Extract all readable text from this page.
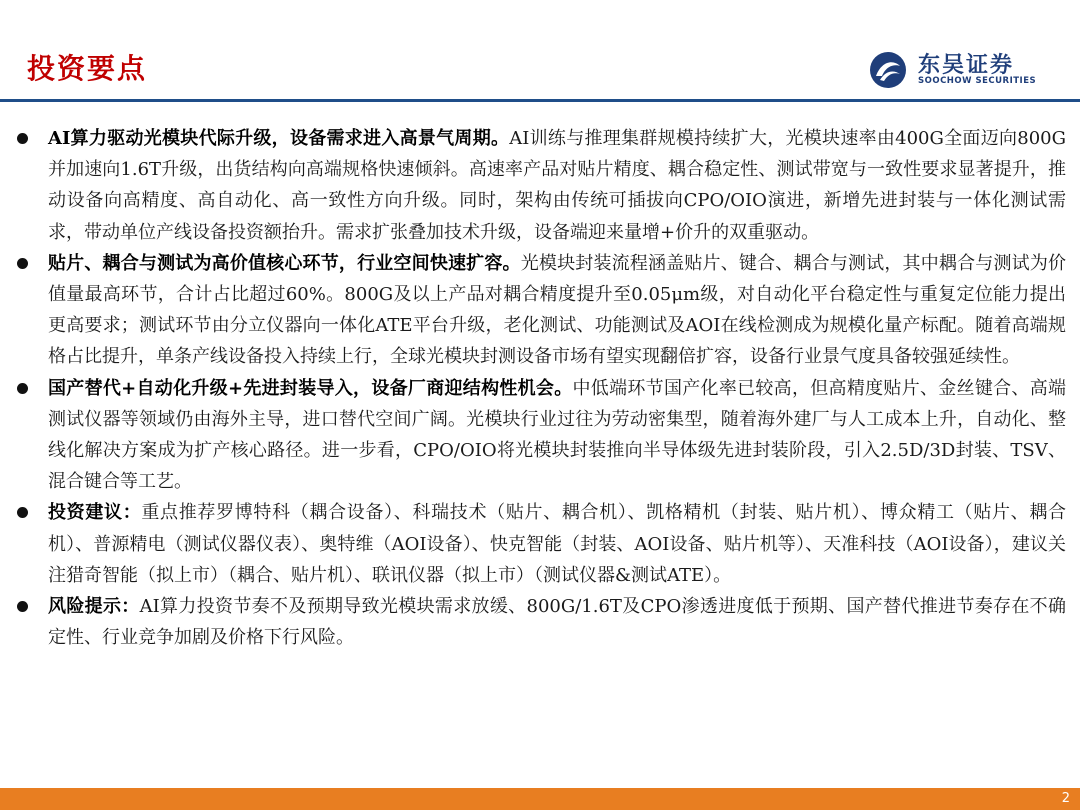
投资要点	东吴证券
SOOCHOW SECURITIES
AI算力驱动光模块代际升级，设备需求进入高景气周期。AI训练与推理集群规模持续扩大，光模块速率由400G全面迈向800G并加速向1.6T升级，出货结构向高端规格快速倾斜。高速率产品对贴片精度、耦合稳定性、测试带宽与一致性要求显著提升，推动设备向高精度、高自动化、高一致性方向升级。同时，架构由传统可插拔向CPO/OIO演进，新增先进封装与一体化测试需求，带动单位产线设备投资额抬升。需求扩张叠加技术升级，设备端迎来量增+价升的双重驱动。
贴片、耦合与测试为高价值核心环节，行业空间快速扩容。光模块封装流程涵盖贴片、键合、耦合与测试，其中耦合与测试为价值量最高环节，合计占比超过60%。800G及以上产品对耦合精度提升至0.05μm级，对自动化平台稳定性与重复定位能力提出更高要求；测试环节由分立仪器向一体化ATE平台升级，老化测试、功能测试及AOI在线检测成为规模化量产标配。随着高端规格占比提升，单条产线设备投入持续上行，全球光模块封测设备市场有望实现翻倍扩容，设备行业景气度具备较强延续性。
国产替代+自动化升级+先进封装导入，设备厂商迎结构性机会。中低端环节国产化率已较高，但高精度贴片、金丝键合、高端测试仪器等领域仍由海外主导，进口替代空间广阔。光模块行业过往为劳动密集型，随着海外建厂与人工成本上升，自动化、整线化解决方案成为扩产核心路径。进一步看，CPO/OIO将光模块封装推向半导体级先进封装阶段，引入2.5D/3D封装、TSV、混合键合等工艺。
投资建议：重点推荐罗博特科（耦合设备）、科瑞技术（贴片、耦合机）、凯格精机（封装、贴片机）、博众精工（贴片、耦合机）、普源精电（测试仪器仪表）、奥特维（AOI设备）、快克智能（封装、AOI设备、贴片机等）、天准科技（AOI设备），建议关注猎奇智能（拟上市）（耦合、贴片机）、联讯仪器（拟上市）（测试仪器&测试ATE）。
风险提示：AI算力投资节奏不及预期导致光模块需求放缓、800G/1.6T及CPO渗透进度低于预期、国产替代推进节奏存在不确定性、行业竞争加剧及价格下行风险。
2
